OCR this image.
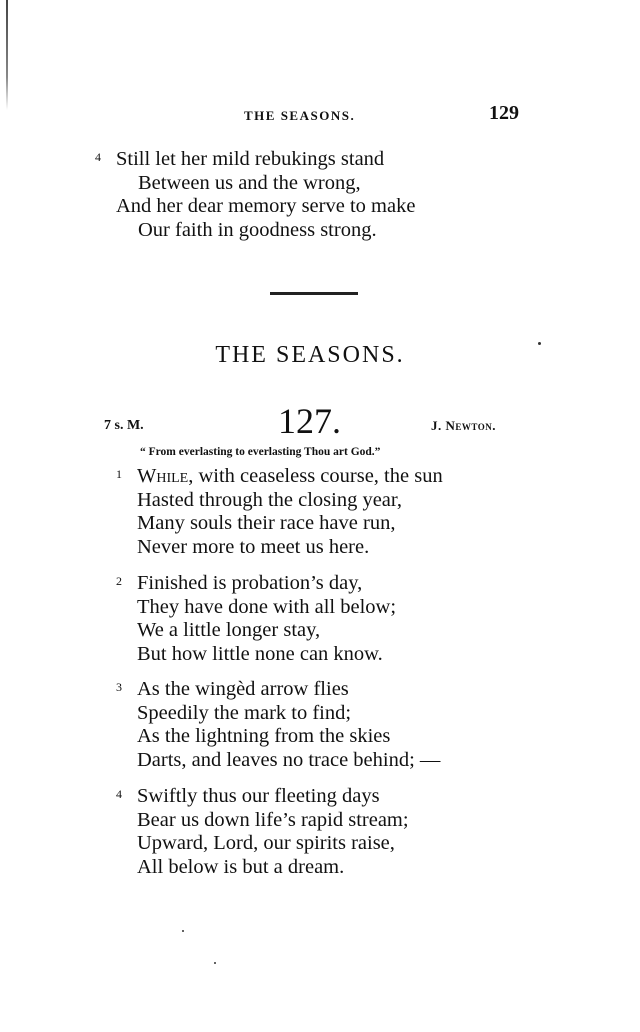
THE SEASONS.	129
4 Still let her mild rebukings stand
Between us and the wrong,
And her dear memory serve to make
Our faith in goodness strong.
THE SEASONS.
7 s. M.	127.	J. Newton.
“ From everlasting to everlasting Thou art God.”
1 While, with ceaseless course, the sun
Hasted through the closing year,
Many souls their race have run,
Never more to meet us here.
2 Finished is probation’s day,
They have done with all below;
We a little longer stay,
But how little none can know.
3 As the wingèd arrow flies
Speedily the mark to find;
As the lightning from the skies
Darts, and leaves no trace behind; —
4 Swiftly thus our fleeting days
Bear us down life’s rapid stream;
Upward, Lord, our spirits raise,
All below is but a dream.
